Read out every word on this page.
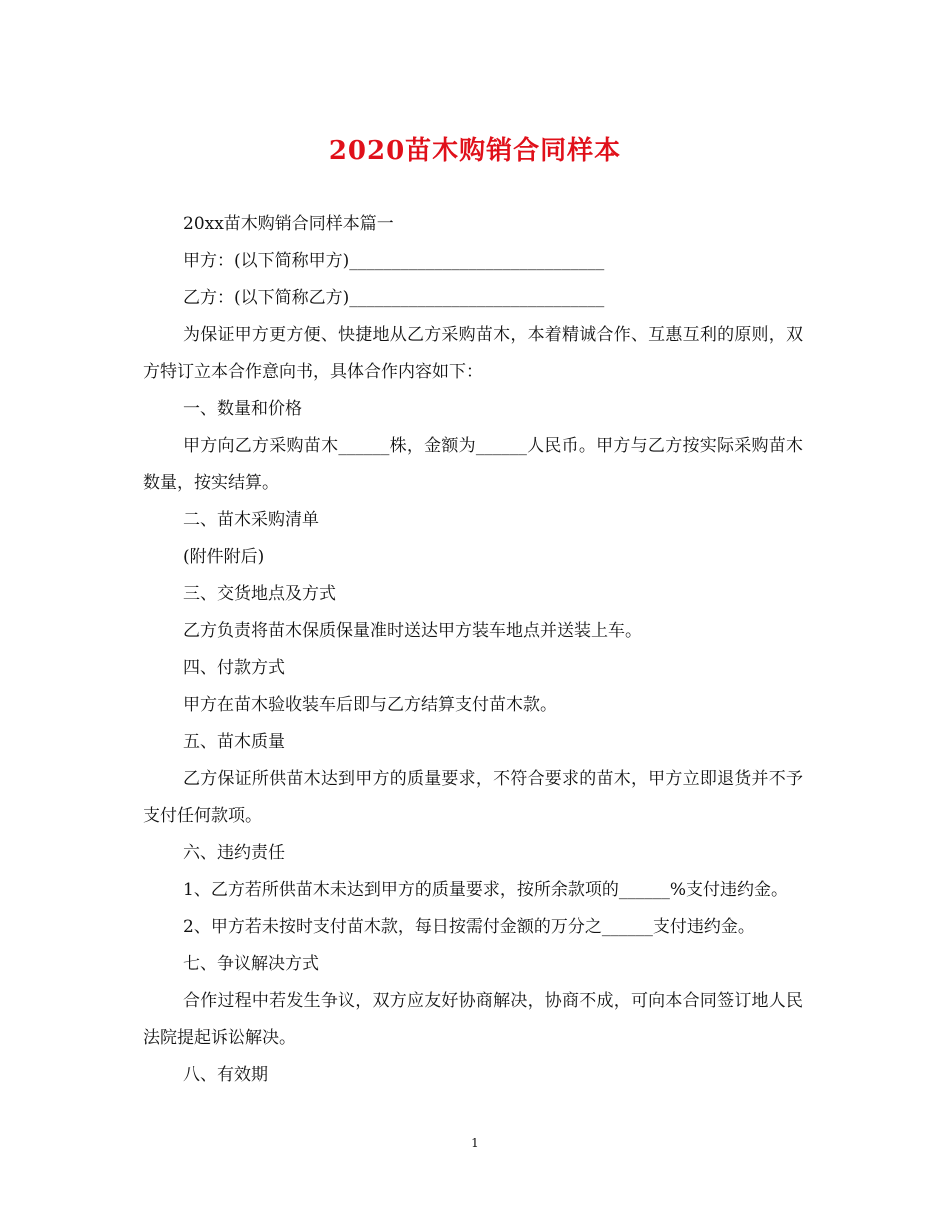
2020苗木购销合同样本

20xx苗木购销合同样本篇一

甲方：(以下简称甲方)______________________________

乙方：(以下简称乙方)______________________________

为保证甲方更方便、快捷地从乙方采购苗木，本着精诚合作、互惠互利的原则，双方特订立本合作意向书，具体合作内容如下：

一、数量和价格

甲方向乙方采购苗木______株，金额为______人民币。甲方与乙方按实际采购苗木数量，按实结算。

二、苗木采购清单

(附件附后)

三、交货地点及方式

乙方负责将苗木保质保量准时送达甲方装车地点并送装上车。

四、付款方式

甲方在苗木验收装车后即与乙方结算支付苗木款。

五、苗木质量

乙方保证所供苗木达到甲方的质量要求，不符合要求的苗木，甲方立即退货并不予支付任何款项。

六、违约责任

1、乙方若所供苗木未达到甲方的质量要求，按所余款项的______%支付违约金。

2、甲方若未按时支付苗木款，每日按需付金额的万分之______支付违约金。

七、争议解决方式

合作过程中若发生争议，双方应友好协商解决，协商不成，可向本合同签订地人民法院提起诉讼解决。

八、有效期

1
